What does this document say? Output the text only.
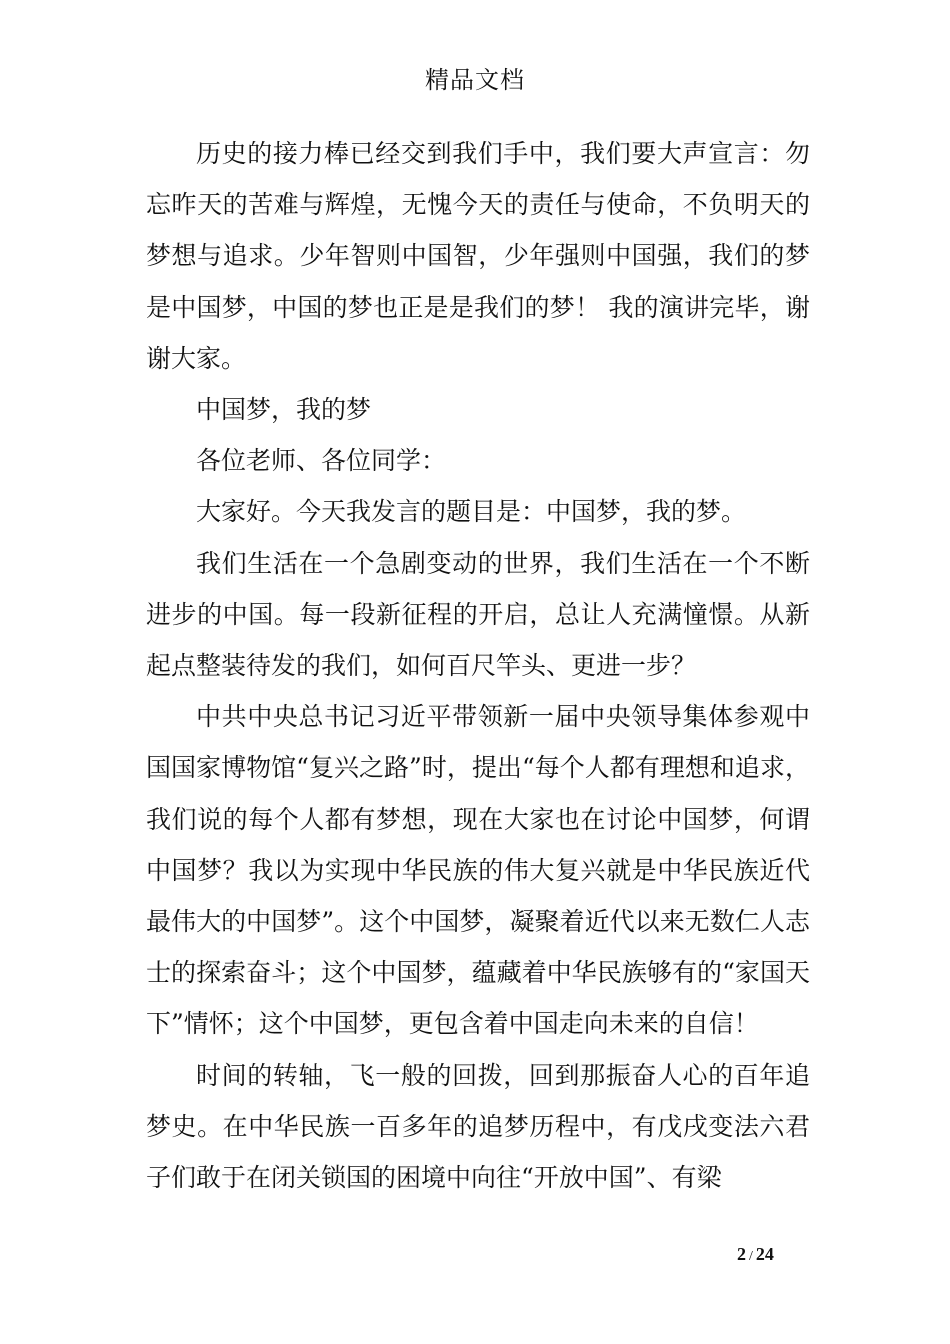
精品文档

历史的接力棒已经交到我们手中，我们要大声宣言：勿忘昨天的苦难与辉煌，无愧今天的责任与使命，不负明天的梦想与追求。少年智则中国智，少年强则中国强，我们的梦是中国梦，中国的梦也正是是我们的梦！ 我的演讲完毕，谢谢大家。

中国梦，我的梦

各位老师、各位同学：

大家好。今天我发言的题目是：中国梦，我的梦。

我们生活在一个急剧变动的世界，我们生活在一个不断进步的中国。每一段新征程的开启，总让人充满憧憬。从新起点整装待发的我们，如何百尺竿头、更进一步？

中共中央总书记习近平带领新一届中央领导集体参观中国国家博物馆“复兴之路”时，提出“每个人都有理想和追求，我们说的每个人都有梦想，现在大家也在讨论中国梦，何谓中国梦？我以为实现中华民族的伟大复兴就是中华民族近代最伟大的中国梦”。这个中国梦，凝聚着近代以来无数仁人志士的探索奋斗；这个中国梦，蕴藏着中华民族够有的“家国天下”情怀；这个中国梦，更包含着中国走向未来的自信！

时间的转轴，飞一般的回拨，回到那振奋人心的百年追梦史。在中华民族一百多年的追梦历程中，有戊戌变法六君子们敢于在闭关锁国的困境中向往“开放中国”、有梁

2 / 24
